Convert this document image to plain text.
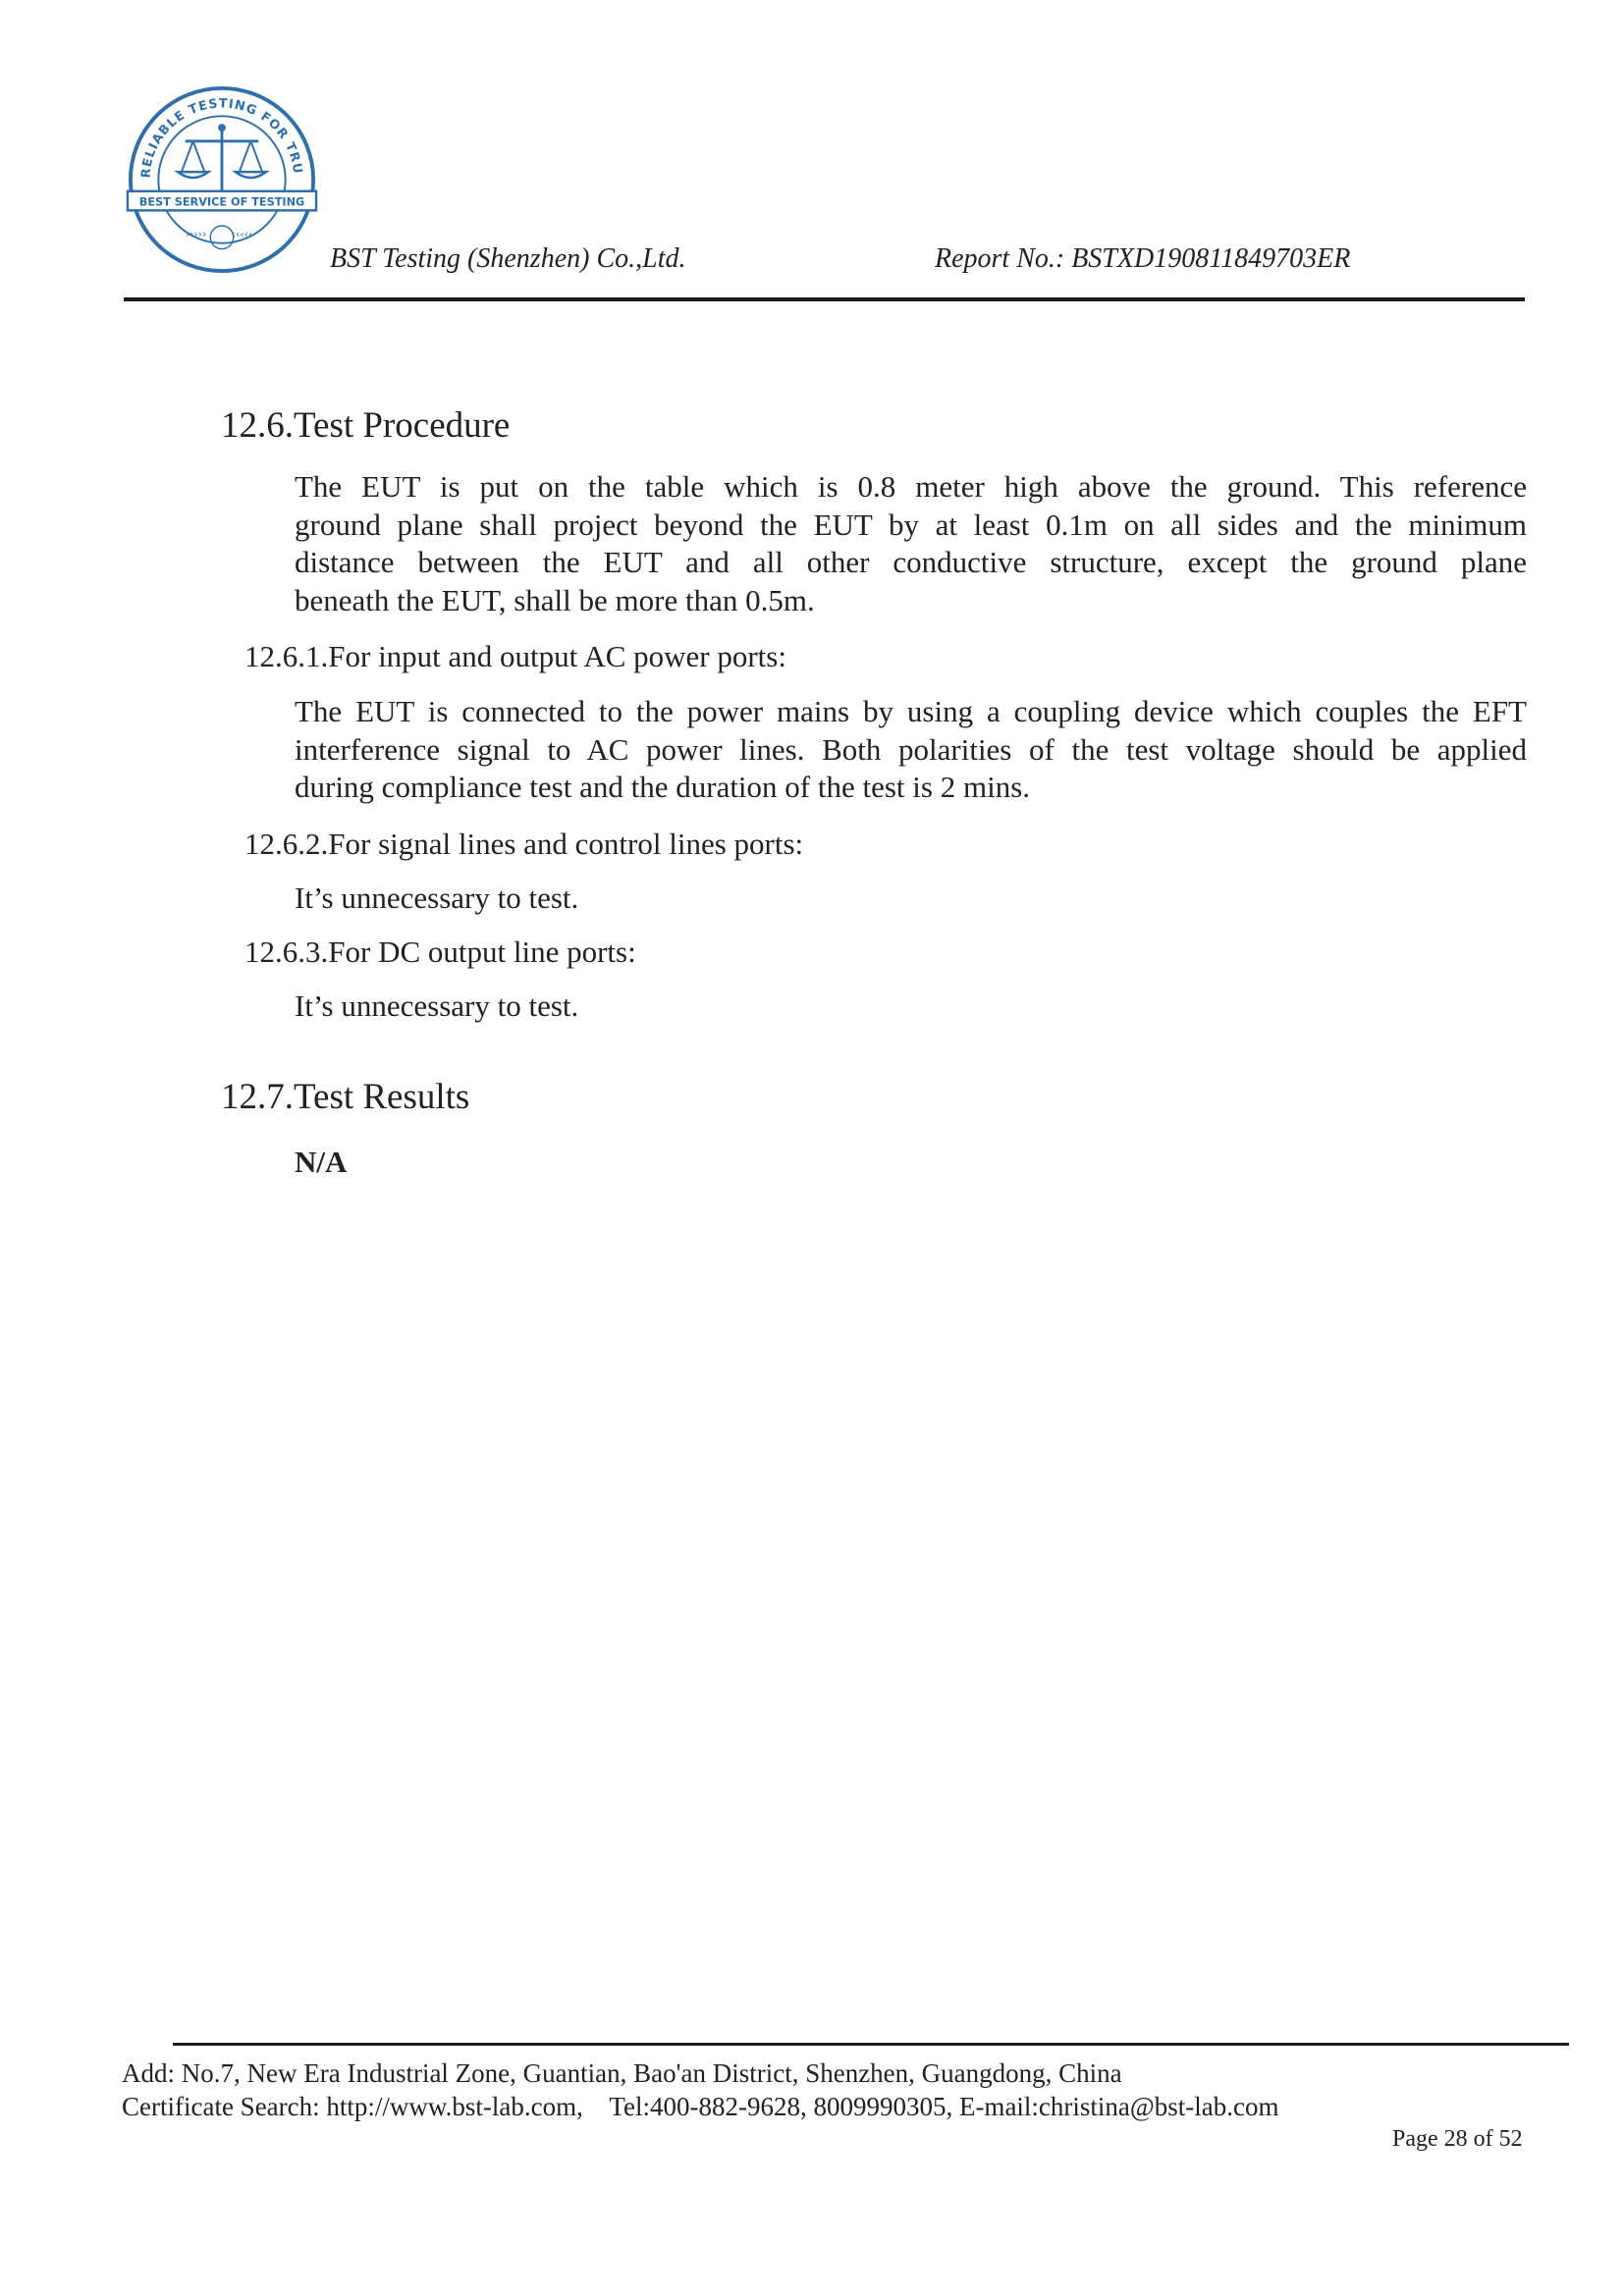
RELIABLE TESTING FOR TRU
BEST SERVICE OF TESTING
››››› ‹‹‹‹‹
BST Testing (Shenzhen) Co.,Ltd.	Report No.: BSTXD190811849703ER
12.6.Test Procedure
The EUT is put on the table which is 0.8 meter high above the ground. This reference
ground plane shall project beyond the EUT by at least 0.1m on all sides and the minimum
distance between the EUT and all other conductive structure, except the ground plane
beneath the EUT, shall be more than 0.5m.
12.6.1.For input and output AC power ports:
The EUT is connected to the power mains by using a coupling device which couples the EFT
interference signal to AC power lines. Both polarities of the test voltage should be applied
during compliance test and the duration of the test is 2 mins.
12.6.2.For signal lines and control lines ports:
It’s unnecessary to test.
12.6.3.For DC output line ports:
It’s unnecessary to test.
12.7.Test Results
N/A
Add: No.7, New Era Industrial Zone, Guantian, Bao'an District, Shenzhen, Guangdong, China
Certificate Search: http://www.bst-lab.com,    Tel:400-882-9628, 8009990305, E-mail:christina@bst-lab.com
Page 28 of 52
